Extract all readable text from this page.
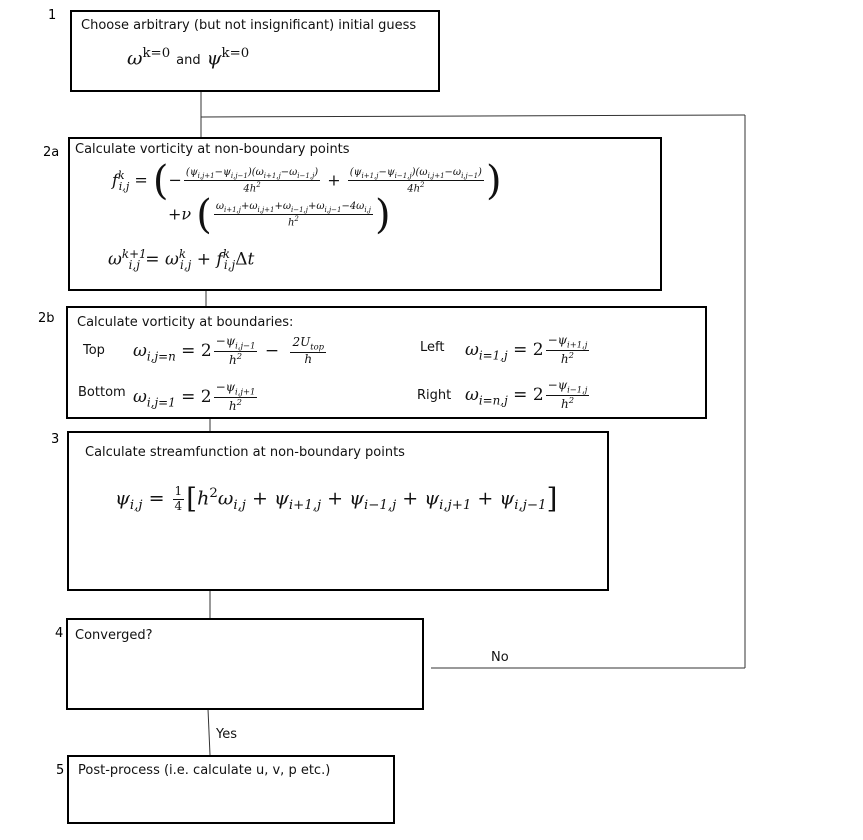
1
Choose arbitrary (but not insignificant) initial guess
$\omega^{k=0}$ and $\psi^{k=0}$
2a Calculate vorticity at non-boundary points
$f^k_{i,j}$ = (− $\frac{(\psi_{i,j+1}-\psi_{i,j-1})(\omega_{i+1,j}-\omega_{i-1,j})}{4h^2} + \frac{(\psi_{i+1,j}-\psi_{i-1,j})(\omega_{i,j+1}-\omega_{i,j-1})}{4h^2}$ )
+ν ( $\frac{\omega_{i+1,j}+\omega_{i,j+1}+\omega_{i-1,j}+\omega_{i,j-1}-4\omega_{i,j}}{h^2}$ )
$\omega^{k+1}_{i,j} = \omega^k_{i,j} + f^k_{i,j}\Delta t$
2b Calculate vorticity at boundaries:
Top $\omega_{i,j=n} = 2 \frac{-\psi_{i,j-1}}{h^2} - \frac{2U_{top}}{h}$	Left $\omega_{i=1,j} = 2 \frac{-\psi_{i+1,j}}{h^2}$
Bottom $\omega_{i,j=1} = 2 \frac{-\psi_{i,j+1}}{h^2}$	Right $\omega_{i=n,j} = 2 \frac{-\psi_{i-1,j}}{h^2}$
3
Calculate streamfunction at non-boundary points
$\psi_{i,j} = \frac{1}{4} [h^2\omega_{i,j} + \psi_{i+1,j} + \psi_{i-1,j} + \psi_{i,j+1} + \psi_{i,j-1}]$
4 Converged?
No
Yes
5 Post-process (i.e. calculate u, v, p etc.)
